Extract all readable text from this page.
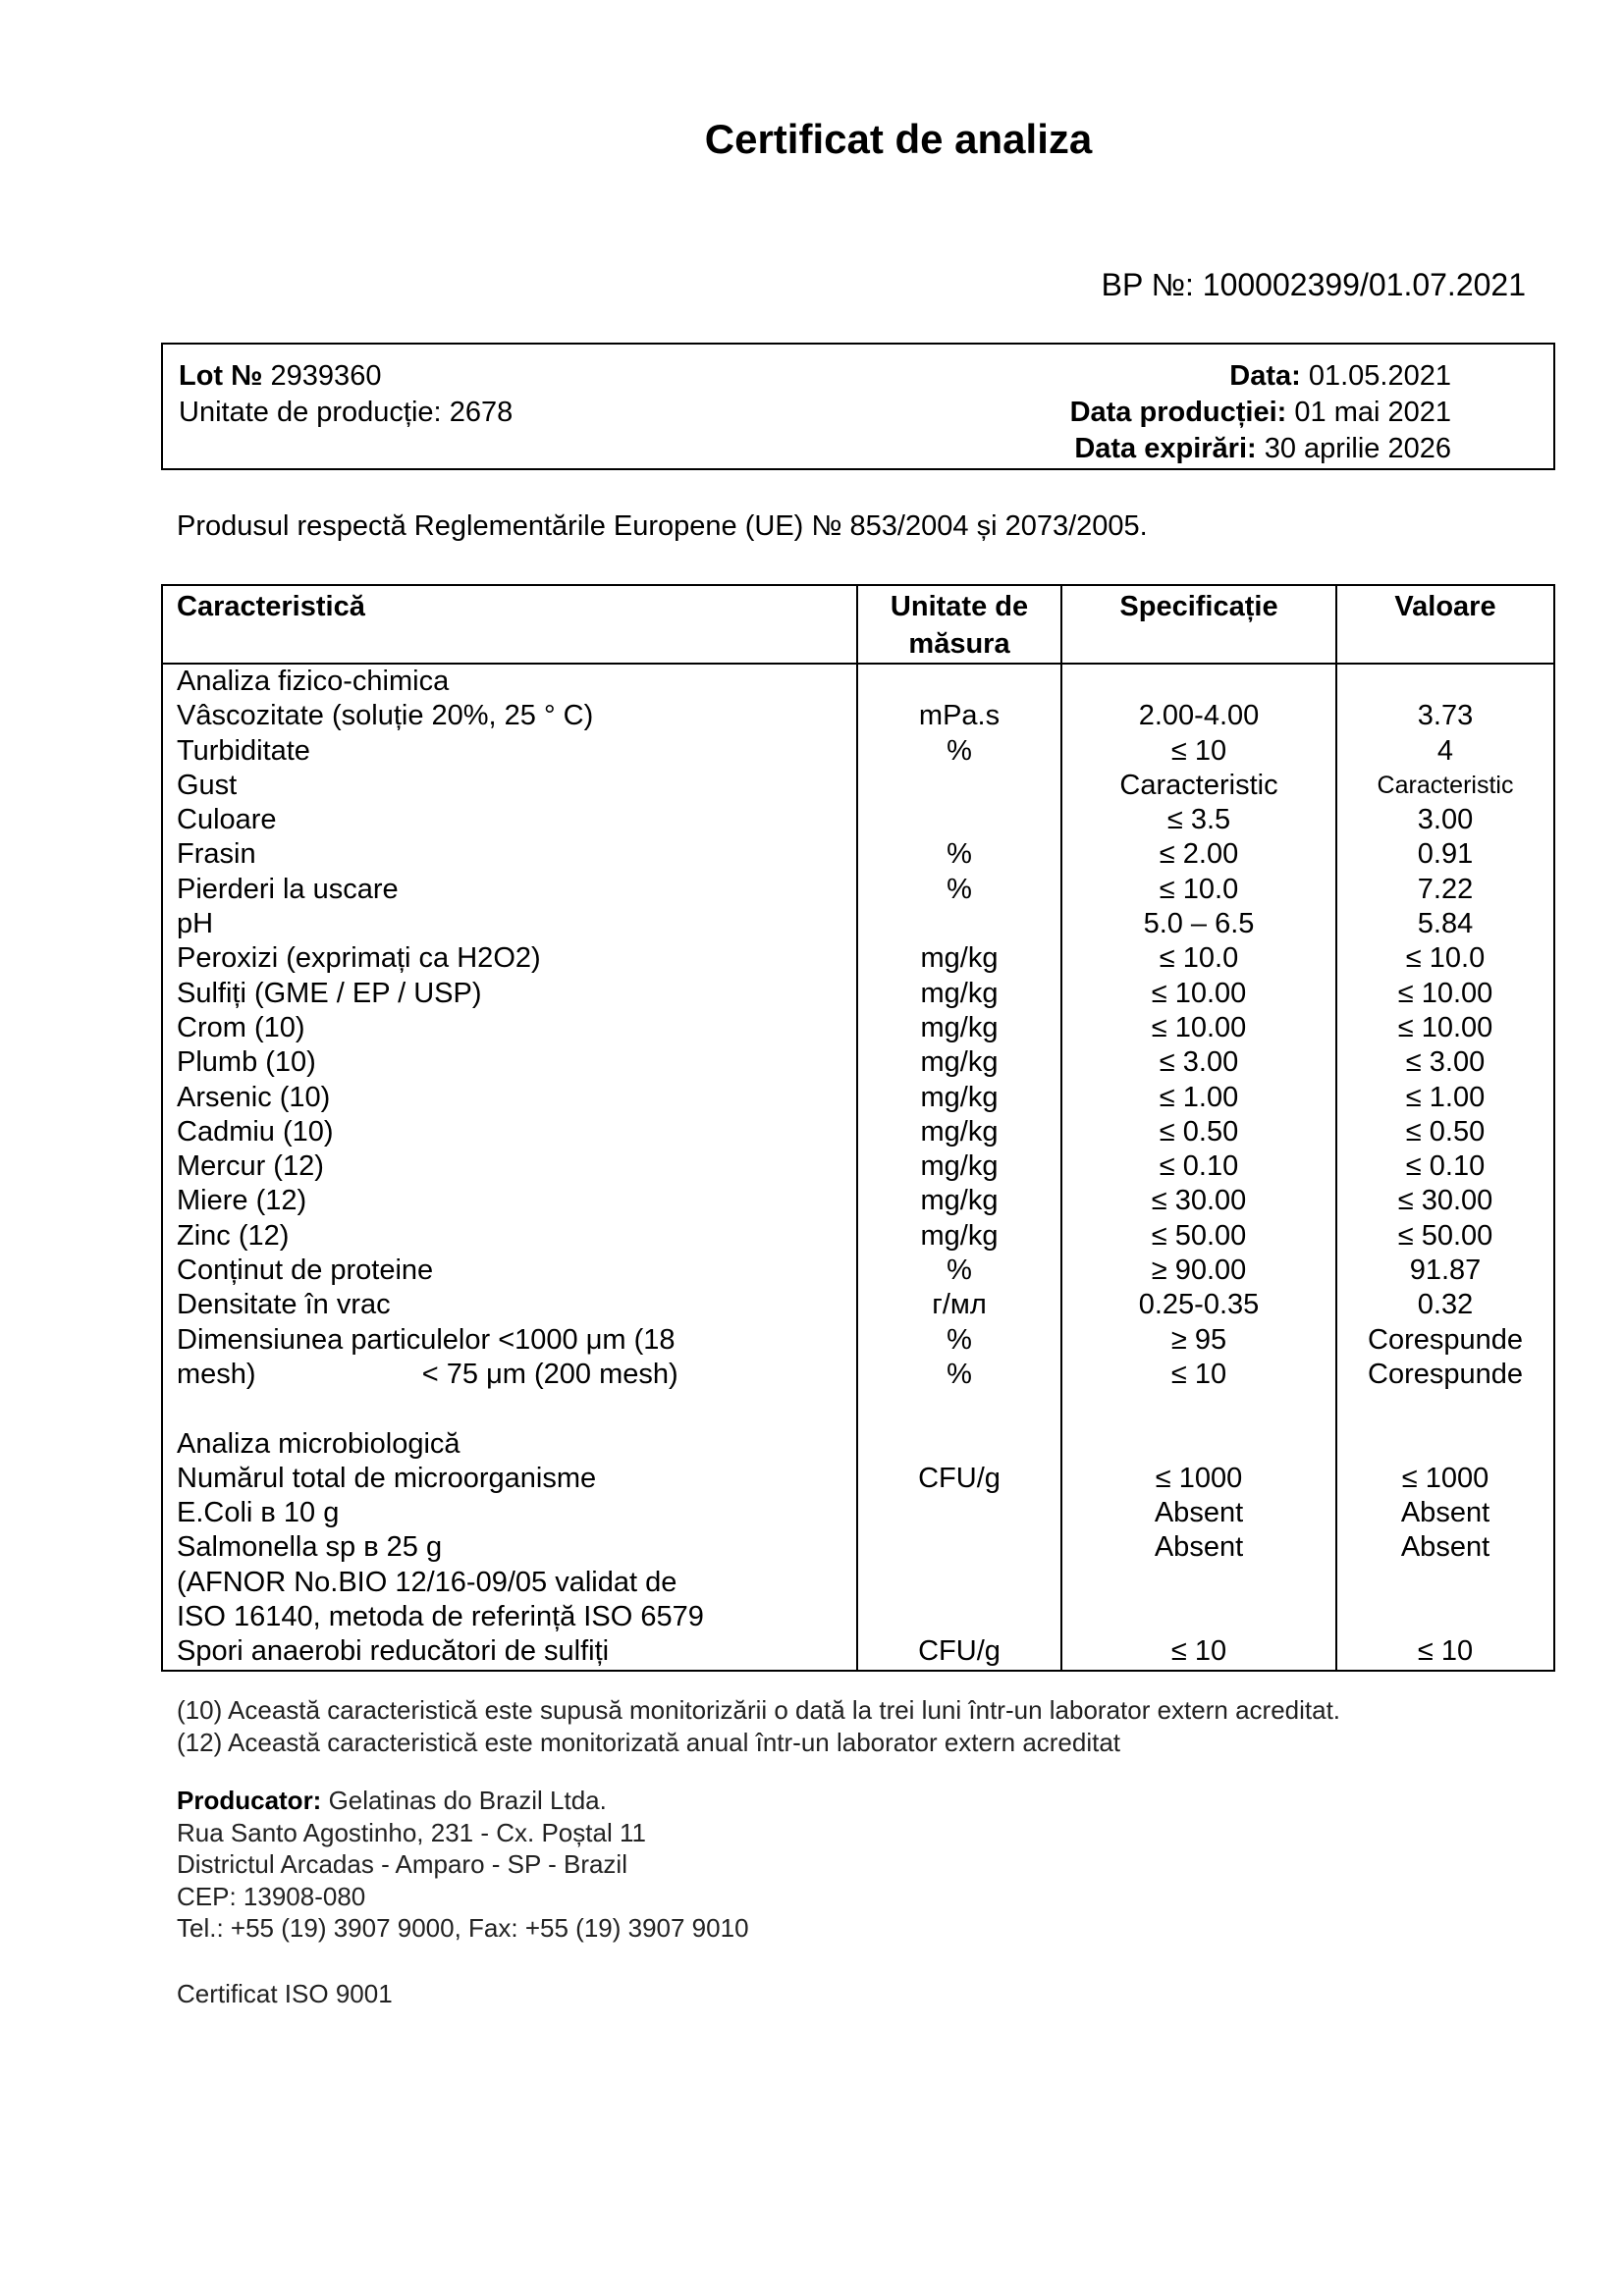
Certificat de analiza
BP №: 100002399/01.07.2021
Lot № 2939360
Unitate de producție: 2678
Data: 01.05.2021
Data producției: 01 mai 2021
Data expirări: 30 aprilie 2026
Produsul respectă Reglementările Europene (UE) № 853/2004 și 2073/2005.
Caracteristică	Unitate de măsura	Specificație	Valoare
Analiza fizico-chimica			
Vâscozitate (soluție 20%, 25 ° C)	mPa.s	2.00-4.00	3.73
Turbiditate	%	≤ 10	4
Gust		Caracteristic	Caracteristic
Culoare		≤ 3.5	3.00
Frasin	%	≤ 2.00	0.91
Pierderi la uscare	%	≤ 10.0	7.22
pH		5.0 – 6.5	5.84
Peroxizi (exprimați ca H2O2)	mg/kg	≤ 10.0	≤ 10.0
Sulfiți (GME / EP / USP)	mg/kg	≤ 10.00	≤ 10.00
Crom (10)	mg/kg	≤ 10.00	≤ 10.00
Plumb (10)	mg/kg	≤ 3.00	≤ 3.00
Arsenic (10)	mg/kg	≤ 1.00	≤ 1.00
Cadmiu (10)	mg/kg	≤ 0.50	≤ 0.50
Mercur (12)	mg/kg	≤ 0.10	≤ 0.10
Miere (12)	mg/kg	≤ 30.00	≤ 30.00
Zinc (12)	mg/kg	≤ 50.00	≤ 50.00
Conținut de proteine	%	≥ 90.00	91.87
Densitate în vrac	г/мл	0.25-0.35	0.32
Dimensiunea particulelor <1000 μm (18	%	≥ 95	Corespunde
mesh)                     < 75 μm (200 mesh)	%	≤ 10	Corespunde

Analiza microbiologică			
Numărul total de microorganisme	CFU/g	≤ 1000	≤ 1000
E.Coli в 10 g		Absent	Absent
Salmonella sp в 25 g		Absent	Absent
(AFNOR No.BIO 12/16-09/05 validat de			
ISO 16140, metoda de referință ISO 6579			
Spori anaerobi reducători de sulfiți	CFU/g	≤ 10	≤ 10
(10) Această caracteristică este supusă monitorizării o dată la trei luni într-un laborator extern acreditat.
(12) Această caracteristică este monitorizată anual într-un laborator extern acreditat
Producator: Gelatinas do Brazil Ltda.
Rua Santo Agostinho, 231 - Cx. Poștal 11
Districtul Arcadas - Amparo - SP - Brazil
CEP: 13908-080
Tel.: +55 (19) 3907 9000, Fax: +55 (19) 3907 9010
Certificat ISO 9001
